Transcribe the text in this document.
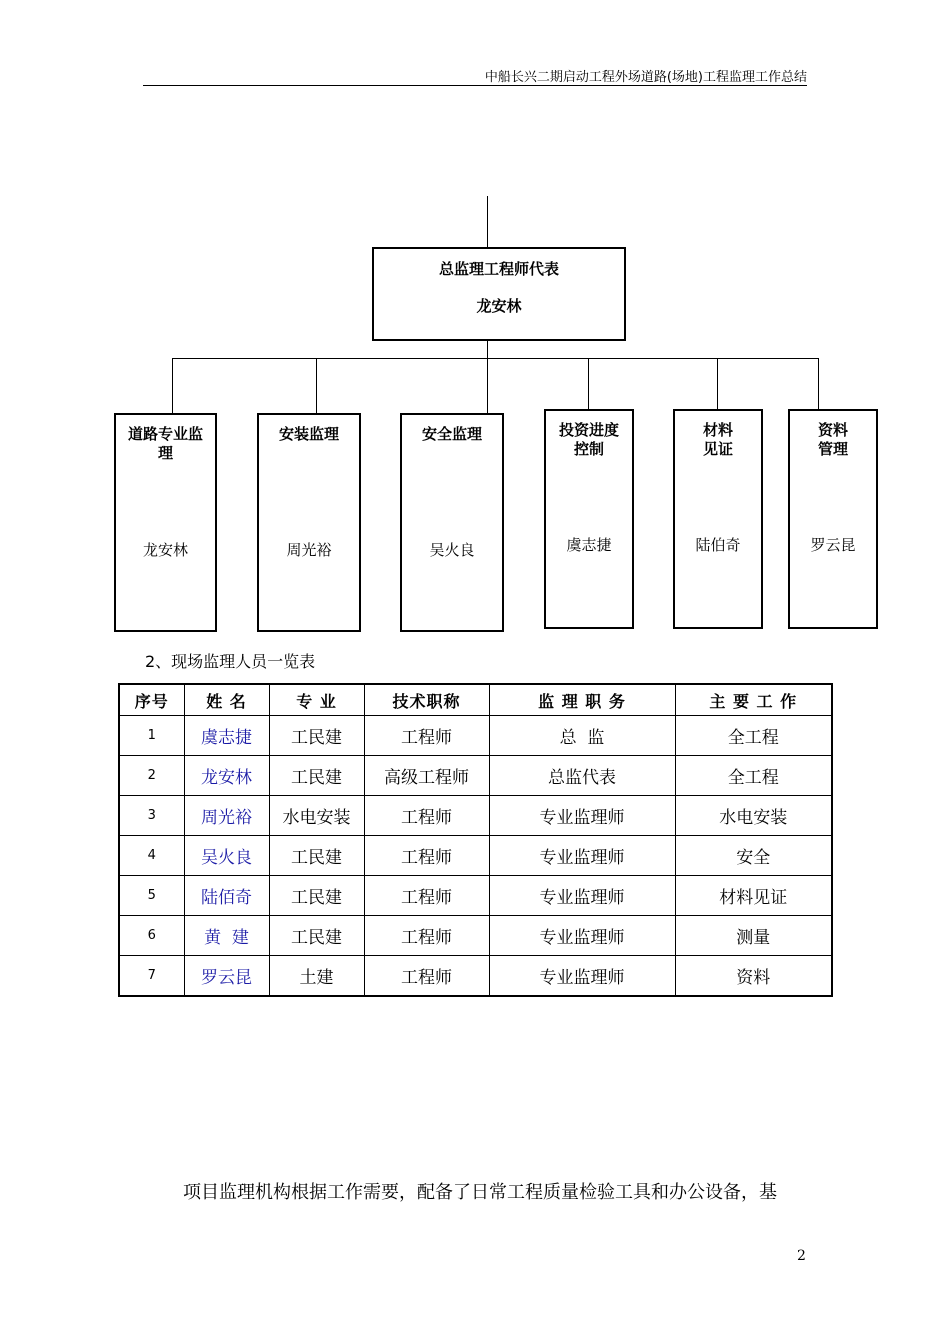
中船长兴二期启动工程外场道路(场地)工程监理工作总结
总监理工程师代表
龙安林
道路专业监理
龙安林
安装监理
周光裕
安全监理
吴火良
投资进度控制
虞志捷
材料见证
陆伯奇
资料管理
罗云昆
2、现场监理人员一览表
序号	姓 名	专 业	技术职称	监 理 职 务	主 要 工 作
1	虞志捷	工民建	工程师	总  监	全工程
2	龙安林	工民建	高级工程师	总监代表	全工程
3	周光裕	水电安装	工程师	专业监理师	水电安装
4	吴火良	工民建	工程师	专业监理师	安全
5	陆佰奇	工民建	工程师	专业监理师	材料见证
6	黄  建	工民建	工程师	专业监理师	测量
7	罗云昆	土建	工程师	专业监理师	资料
项目监理机构根据工作需要，配备了日常工程质量检验工具和办公设备，基
2
